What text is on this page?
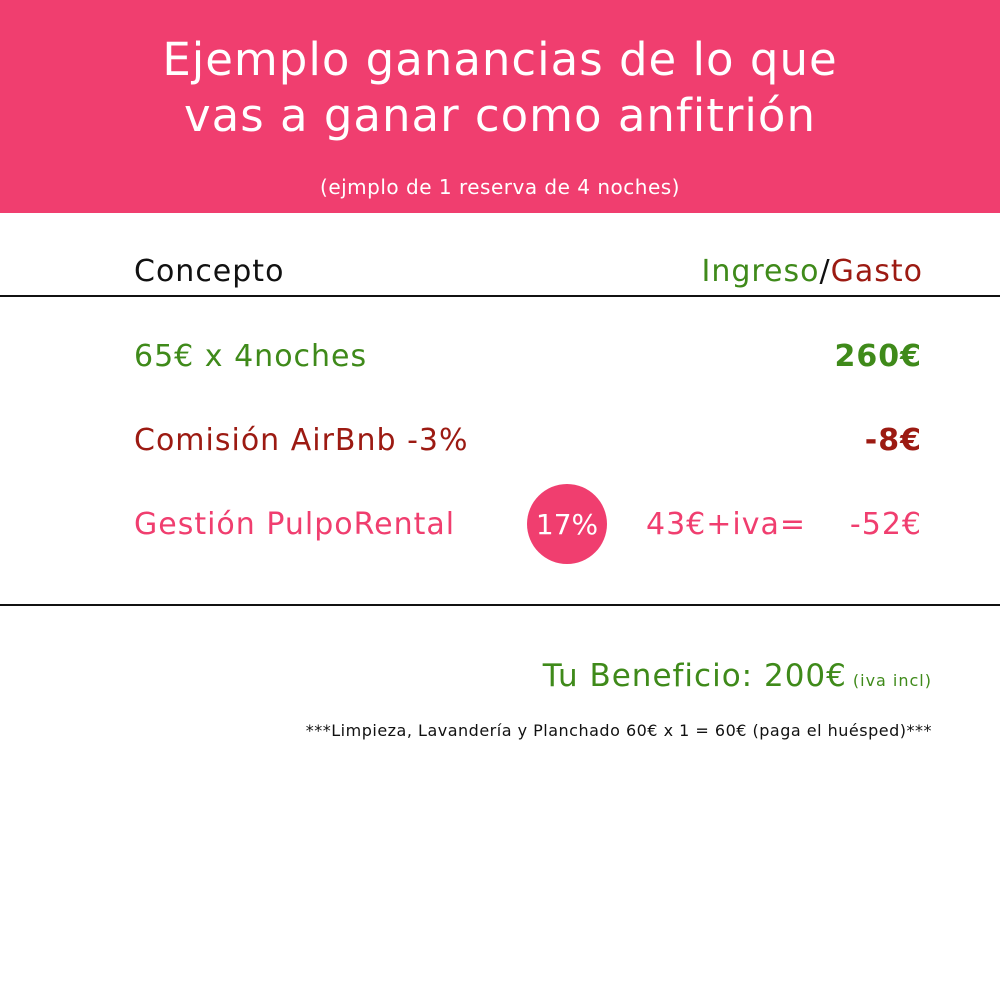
Ejemplo ganancias de lo que
vas a ganar como anfitrión
(ejmplo de 1 reserva de 4 noches)
Concepto	Ingreso/Gasto
65€ x 4noches	260€
Comisión AirBnb -3%	-8€
Gestión PulpoRental	17% 43€+iva= -52€
Tu Beneficio: 200€ (iva incl)
***Limpieza, Lavandería y Planchado 60€ x 1 = 60€ (paga el huésped)***
